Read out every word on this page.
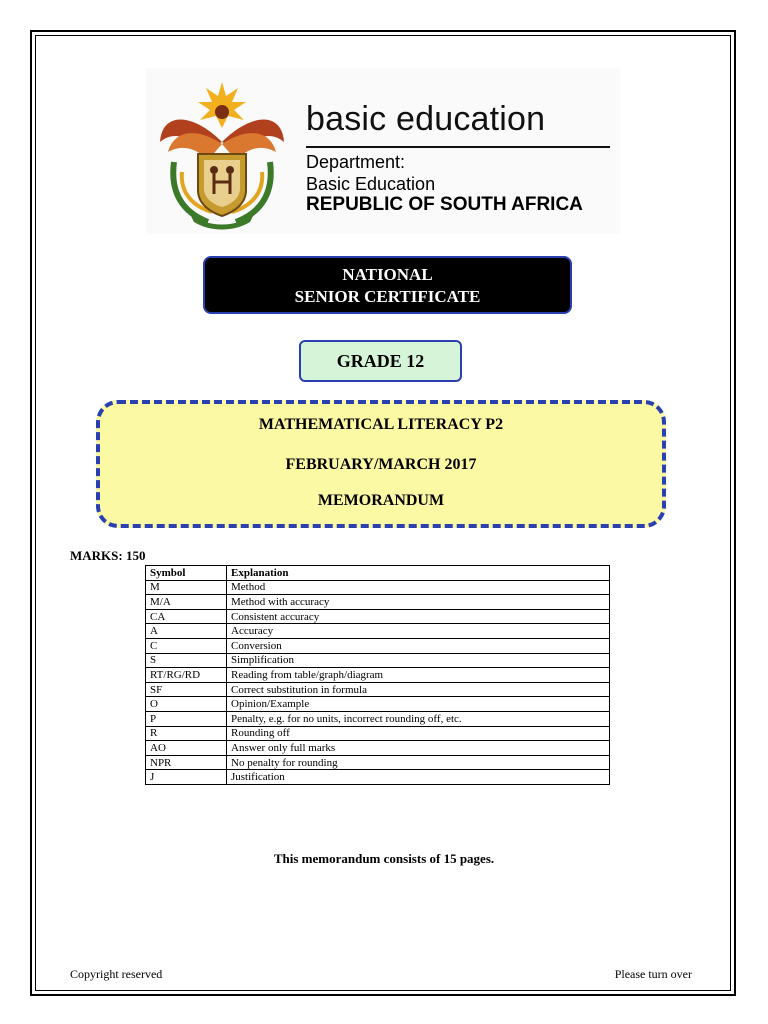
basic education
Department:
Basic Education
REPUBLIC OF SOUTH AFRICA
NATIONAL
SENIOR CERTIFICATE
GRADE 12
MATHEMATICAL LITERACY P2
FEBRUARY/MARCH 2017
MEMORANDUM
MARKS: 150
Symbol	Explanation
M	Method
M/A	Method with accuracy
CA	Consistent accuracy
A	Accuracy
C	Conversion
S	Simplification
RT/RG/RD	Reading from table/graph/diagram
SF	Correct substitution in formula
O	Opinion/Example
P	Penalty, e.g. for no units, incorrect rounding off, etc.
R	Rounding off
AO	Answer only full marks
NPR	No penalty for rounding
J	Justification
This memorandum consists of 15 pages.
Copyright reserved	Please turn over
